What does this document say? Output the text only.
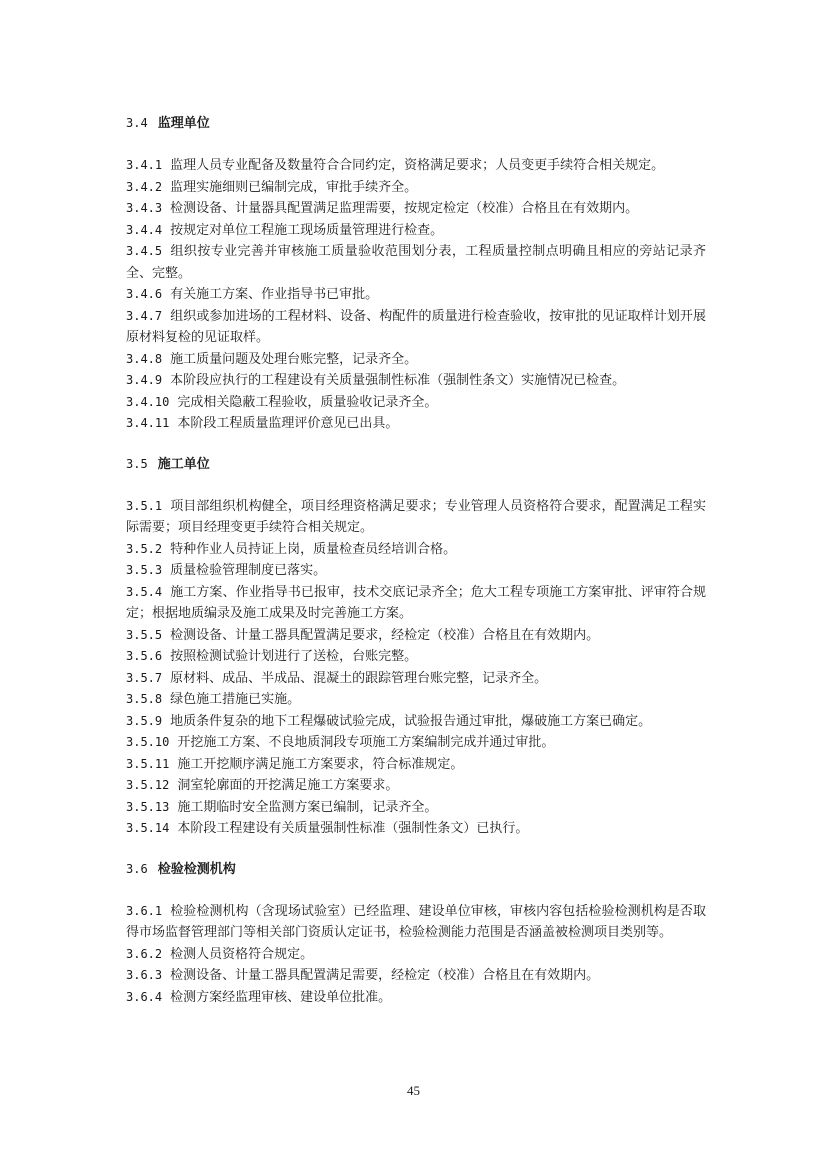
3.4 监理单位

3.4.1 监理人员专业配备及数量符合合同约定，资格满足要求；人员变更手续符合相关规定。

3.4.2 监理实施细则已编制完成，审批手续齐全。

3.4.3 检测设备、计量器具配置满足监理需要，按规定检定（校准）合格且在有效期内。

3.4.4 按规定对单位工程施工现场质量管理进行检查。

3.4.5 组织按专业完善并审核施工质量验收范围划分表，工程质量控制点明确且相应的旁站记录齐全、完整。

3.4.6 有关施工方案、作业指导书已审批。

3.4.7 组织或参加进场的工程材料、设备、构配件的质量进行检查验收，按审批的见证取样计划开展原材料复检的见证取样。

3.4.8 施工质量问题及处理台账完整，记录齐全。

3.4.9 本阶段应执行的工程建设有关质量强制性标准（强制性条文）实施情况已检查。

3.4.10 完成相关隐蔽工程验收，质量验收记录齐全。

3.4.11 本阶段工程质量监理评价意见已出具。

3.5 施工单位

3.5.1 项目部组织机构健全，项目经理资格满足要求；专业管理人员资格符合要求，配置满足工程实际需要；项目经理变更手续符合相关规定。

3.5.2 特种作业人员持证上岗，质量检查员经培训合格。

3.5.3 质量检验管理制度已落实。

3.5.4 施工方案、作业指导书已报审，技术交底记录齐全；危大工程专项施工方案审批、评审符合规定；根据地质编录及施工成果及时完善施工方案。

3.5.5 检测设备、计量工器具配置满足要求，经检定（校准）合格且在有效期内。

3.5.6 按照检测试验计划进行了送检，台账完整。

3.5.7 原材料、成品、半成品、混凝土的跟踪管理台账完整，记录齐全。

3.5.8 绿色施工措施已实施。

3.5.9 地质条件复杂的地下工程爆破试验完成，试验报告通过审批，爆破施工方案已确定。

3.5.10 开挖施工方案、不良地质洞段专项施工方案编制完成并通过审批。

3.5.11 施工开挖顺序满足施工方案要求，符合标准规定。

3.5.12 洞室轮廓面的开挖满足施工方案要求。

3.5.13 施工期临时安全监测方案已编制，记录齐全。

3.5.14 本阶段工程建设有关质量强制性标准（强制性条文）已执行。

3.6 检验检测机构

3.6.1 检验检测机构（含现场试验室）已经监理、建设单位审核，审核内容包括检验检测机构是否取得市场监督管理部门等相关部门资质认定证书，检验检测能力范围是否涵盖被检测项目类别等。

3.6.2 检测人员资格符合规定。

3.6.3 检测设备、计量工器具配置满足需要，经检定（校准）合格且在有效期内。

3.6.4 检测方案经监理审核、建设单位批准。

45
